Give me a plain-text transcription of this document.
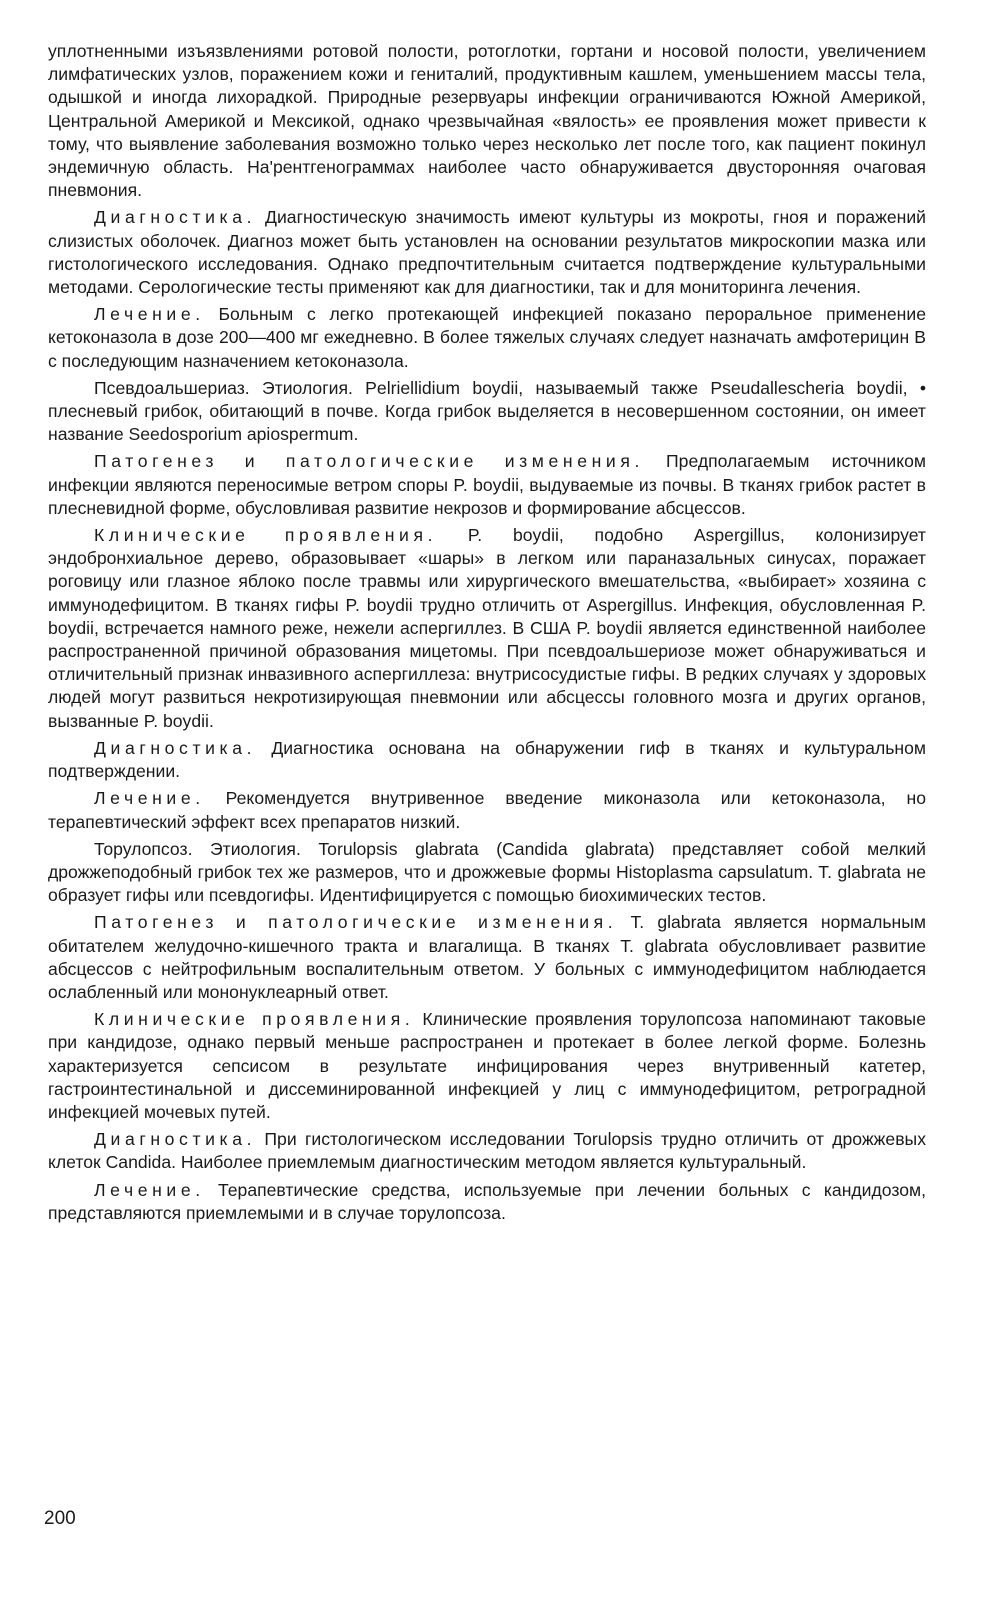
уплотненными изъязвлениями ротовой полости, ротоглотки, гортани и носовой полости, увеличением лимфатических узлов, поражением кожи и гениталий, продуктивным кашлем, уменьшением массы тела, одышкой и иногда лихорадкой. Природные резервуары инфекции ограничиваются Южной Америкой, Центральной Америкой и Мексикой, однако чрезвычайная «вялость» ее проявления может привести к тому, что выявление заболевания возможно только через несколько лет после того, как пациент покинул эндемичную область. На'рентгенограммах наиболее часто обнаруживается двусторонняя очаговая пневмония.

Диагностика. Диагностическую значимость имеют культуры из мокроты, гноя и поражений слизистых оболочек. Диагноз может быть установлен на основании результатов микроскопии мазка или гистологического исследования. Однако предпочтительным считается подтверждение культуральными методами. Серологические тесты применяют как для диагностики, так и для мониторинга лечения.

Лечение. Больным с легко протекающей инфекцией показано пероральное применение кетоконазола в дозе 200—400 мг ежедневно. В более тяжелых случаях следует назначать амфотерицин В с последующим назначением кетоконазола.

Псевдоальшериаз. Этиология. Pelriellidium boydii, называемый также Pseudallescheria boydii, • плесневый грибок, обитающий в почве. Когда грибок выделяется в несовершенном состоянии, он имеет название Seedosporium apiospermum.

Патогенез и патологические изменения. Предполагаемым источником инфекции являются переносимые ветром споры P. boydii, выдуваемые из почвы. В тканях грибок растет в плесневидной форме, обусловливая развитие некрозов и формирование абсцессов.

Клинические проявления. P. boydii, подобно Aspergillus, колонизирует эндобронхиальное дерево, образовывает «шары» в легком или параназальных синусах, поражает роговицу или глазное яблоко после травмы или хирургического вмешательства, «выбирает» хозяина с иммунодефицитом. В тканях гифы P. boydii трудно отличить от Aspergillus. Инфекция, обусловленная P. boydii, встречается намного реже, нежели аспергиллез. В США P. boydii является единственной наиболее распространенной причиной образования мицетомы. При псевдоальшериозе может обнаруживаться и отличительный признак инвазивного аспергиллеза: внутрисосудистые гифы. В редких случаях у здоровых людей могут развиться некротизирующая пневмонии или абсцессы головного мозга и других органов, вызванные P. boydii.

Диагностика. Диагностика основана на обнаружении гиф в тканях и культуральном подтверждении.

Лечение. Рекомендуется внутривенное введение миконазола или кетоконазола, но терапевтический эффект всех препаратов низкий.

Торулопсоз. Этиология. Torulopsis glabrata (Candida glabrata) представляет собой мелкий дрожжеподобный грибок тех же размеров, что и дрожжевые формы Histoplasma capsulatum. T. glabrata не образует гифы или псевдогифы. Идентифицируется с помощью биохимических тестов.

Патогенез и патологические изменения. T. glabrata является нормальным обитателем желудочно-кишечного тракта и влагалища. В тканях T. glabrata обусловливает развитие абсцессов с нейтрофильным воспалительным ответом. У больных с иммунодефицитом наблюдается ослабленный или мононуклеарный ответ.

Клинические проявления. Клинические проявления торулопсоза напоминают таковые при кандидозе, однако первый меньше распространен и протекает в более легкой форме. Болезнь характеризуется сепсисом в результате инфицирования через внутривенный катетер, гастроинтестинальной и диссеминированной инфекцией у лиц с иммунодефицитом, ретроградной инфекцией мочевых путей.

Диагностика. При гистологическом исследовании Torulopsis трудно отличить от дрожжевых клеток Candida. Наиболее приемлемым диагностическим методом является культуральный.

Лечение. Терапевтические средства, используемые при лечении больных с кандидозом, представляются приемлемыми и в случае торулопсоза.

200
